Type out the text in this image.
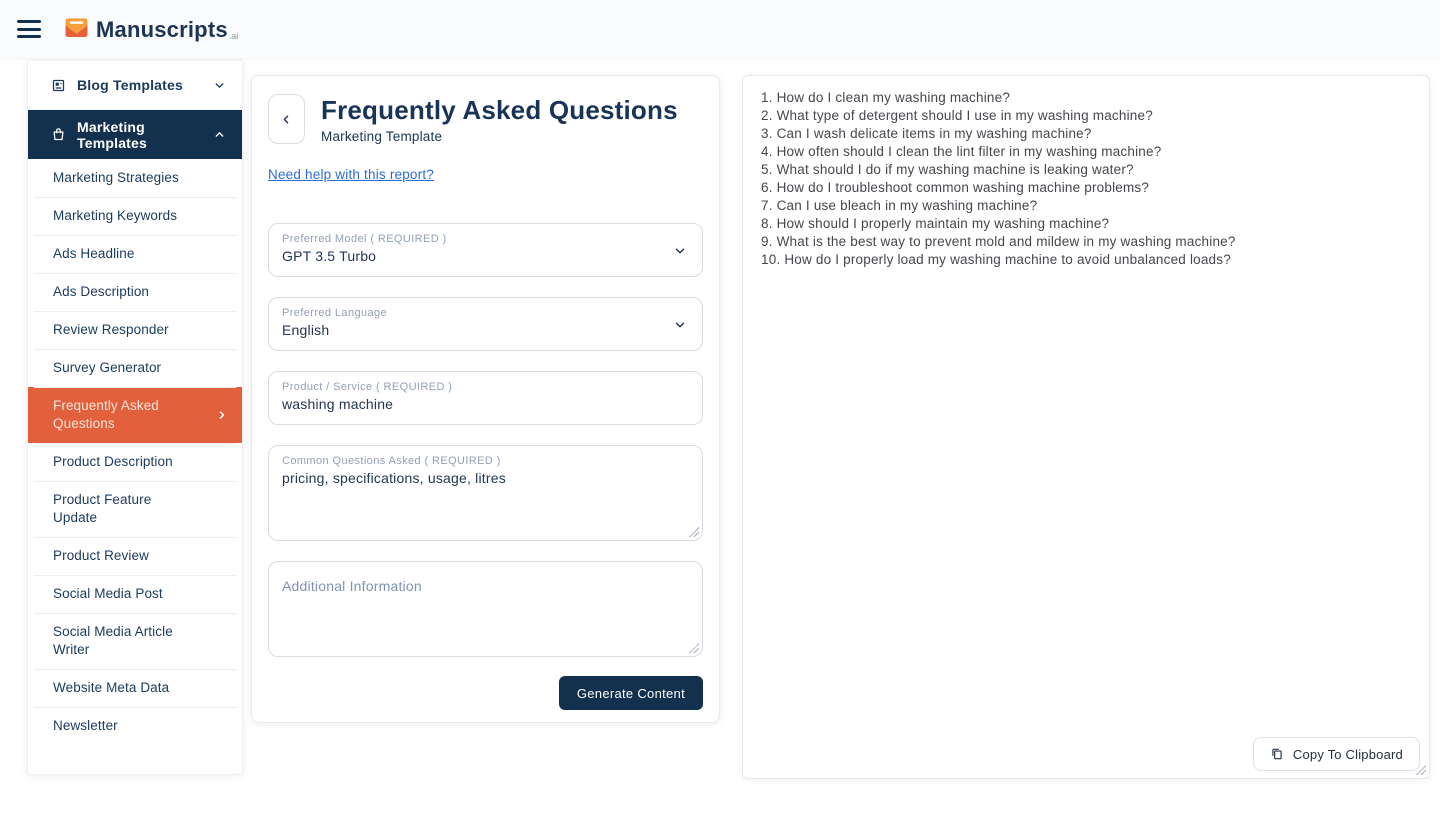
Manuscripts .ai
Blog Templates
Marketing Templates
Marketing Strategies
Marketing Keywords
Ads Headline
Ads Description
Review Responder
Survey Generator
Frequently Asked Questions
Product Description
Product Feature Update
Product Review
Social Media Post
Social Media Article Writer
Website Meta Data
Newsletter
Frequently Asked Questions
Marketing Template
Need help with this report?
Preferred Model ( REQUIRED )
GPT 3.5 Turbo
Preferred Language
English
Product / Service ( REQUIRED )
washing machine
Common Questions Asked ( REQUIRED )
pricing, specifications, usage, litres
Additional Information
Generate Content
1. How do I clean my washing machine?
2. What type of detergent should I use in my washing machine?
3. Can I wash delicate items in my washing machine?
4. How often should I clean the lint filter in my washing machine?
5. What should I do if my washing machine is leaking water?
6. How do I troubleshoot common washing machine problems?
7. Can I use bleach in my washing machine?
8. How should I properly maintain my washing machine?
9. What is the best way to prevent mold and mildew in my washing machine?
10. How do I properly load my washing machine to avoid unbalanced loads?
Copy To Clipboard
